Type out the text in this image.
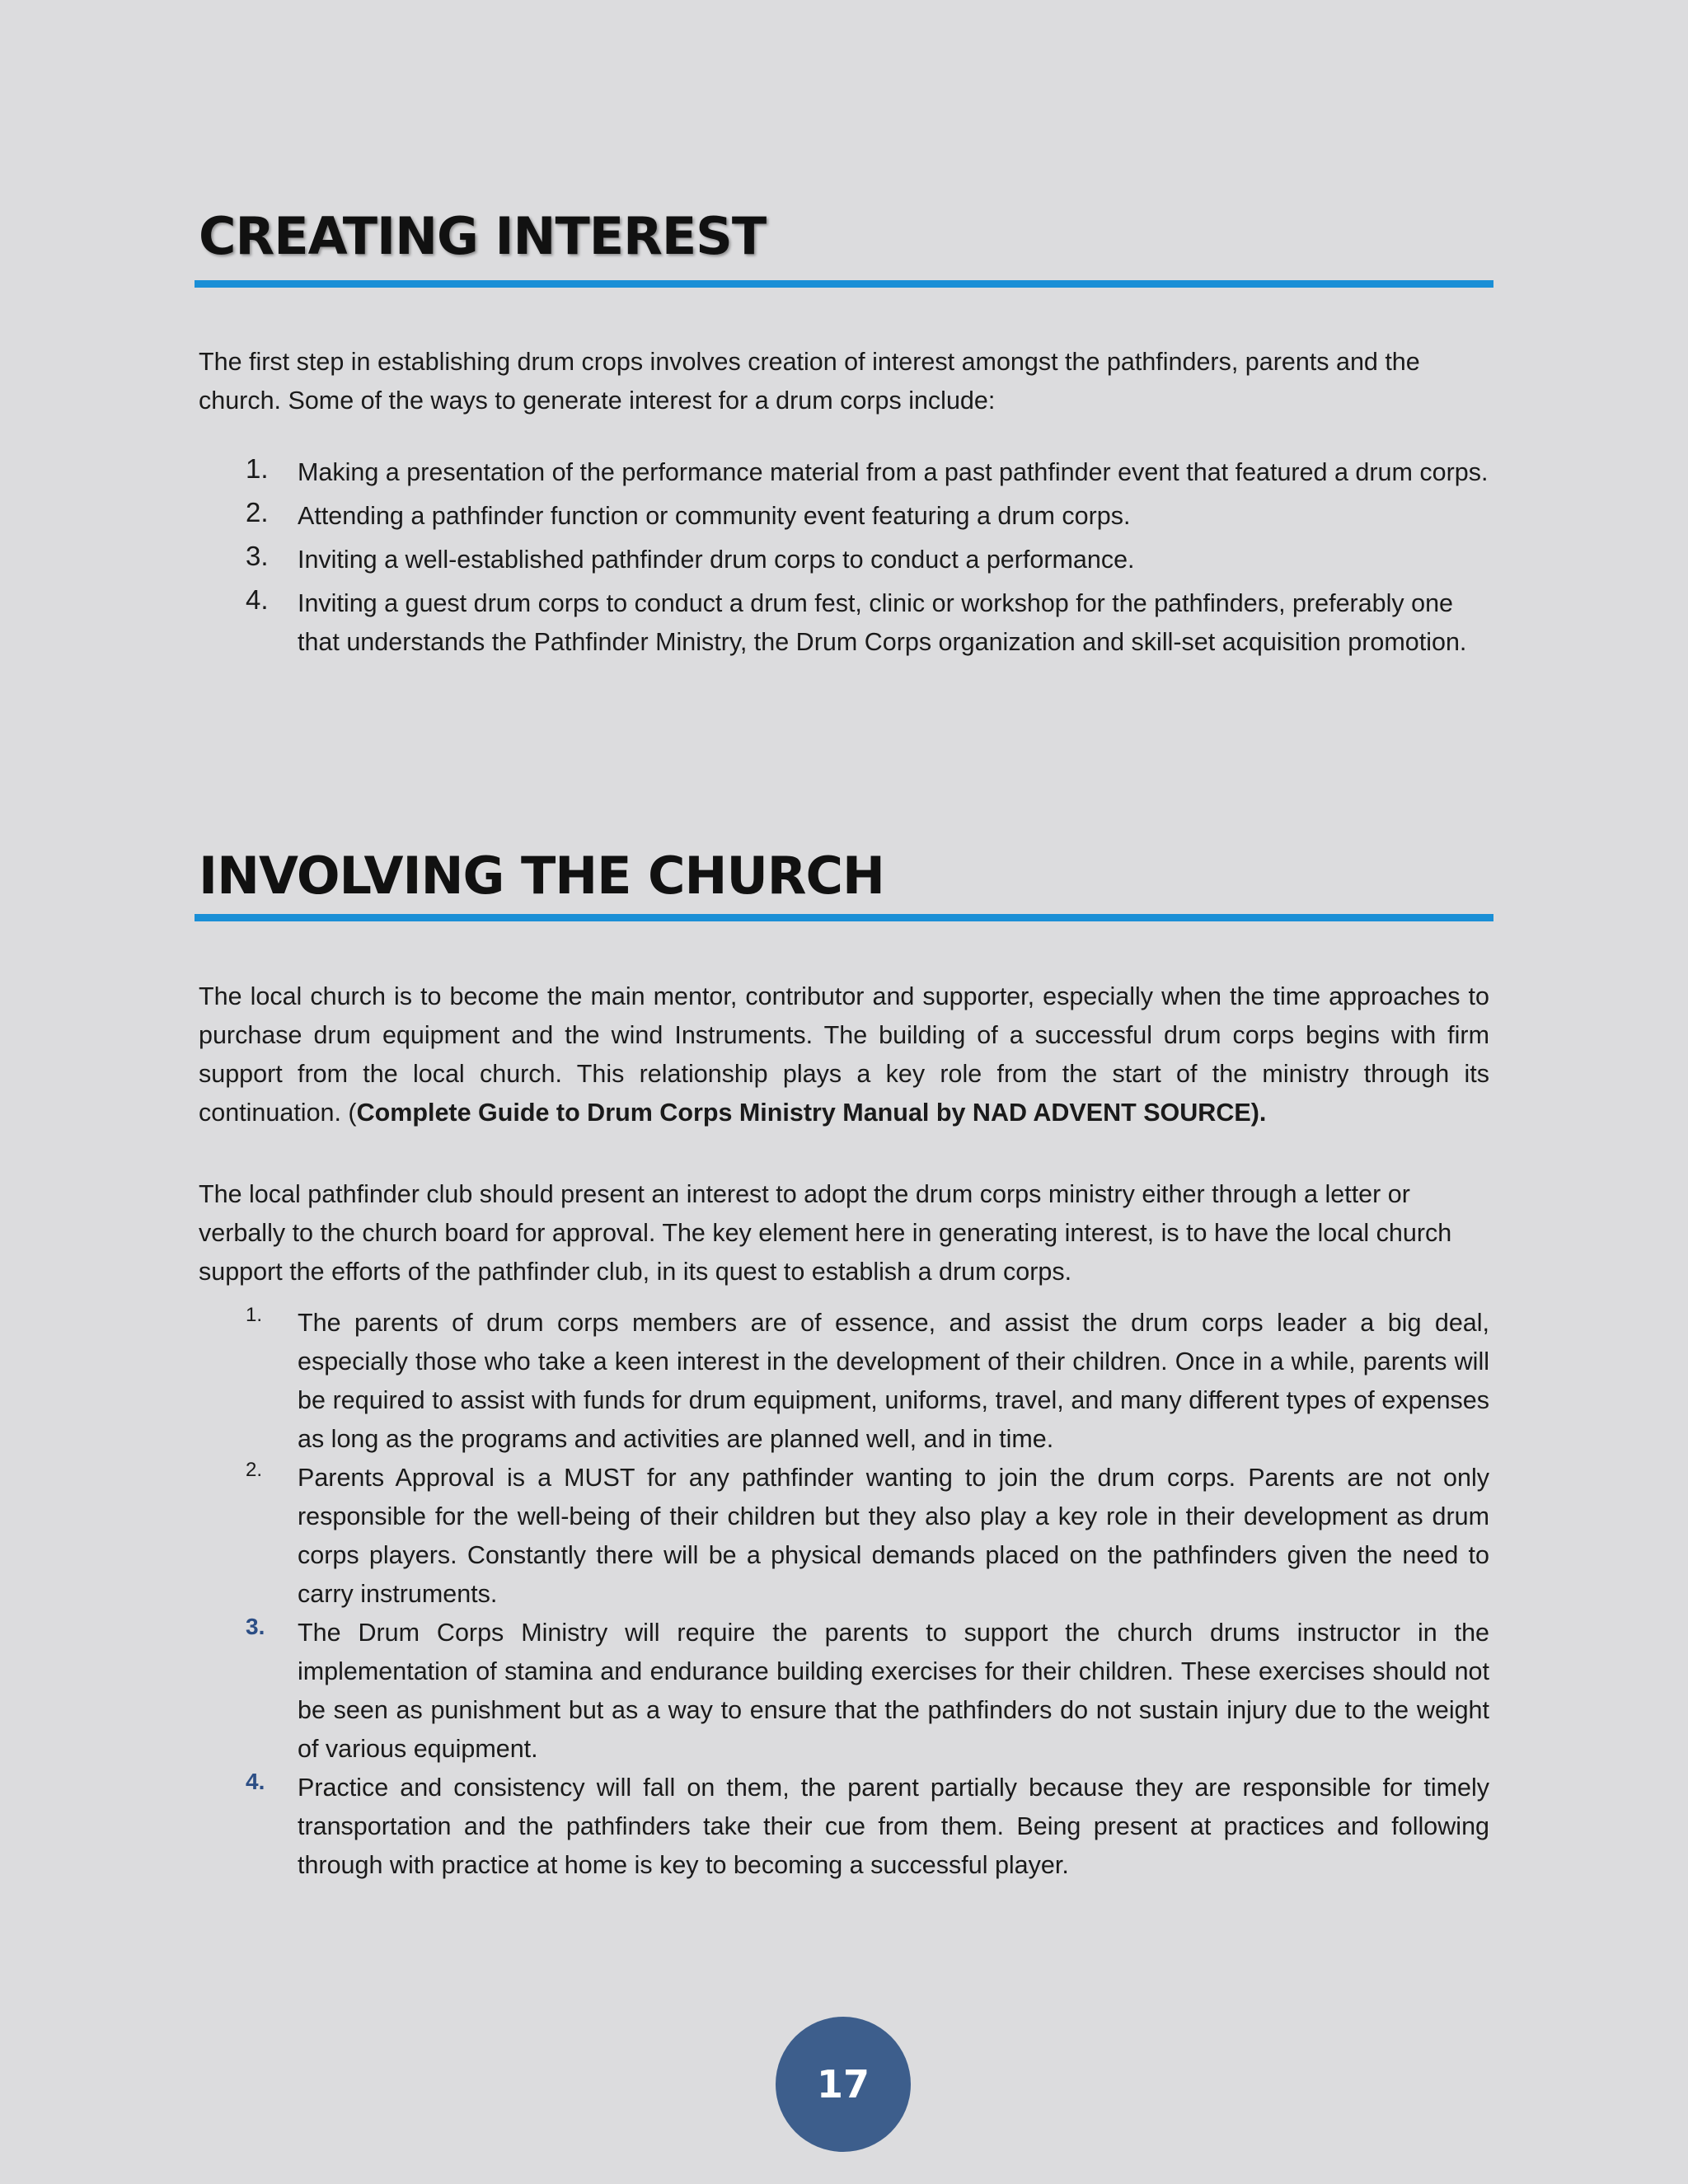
CREATING INTEREST

The first step in establishing drum crops involves creation of interest amongst the pathfinders, parents and the church. Some of the ways to generate interest for a drum corps include:

1. Making a presentation of the performance material from a past pathfinder event that featured a drum corps.
2. Attending a pathfinder function or community event featuring a drum corps.
3. Inviting a well-established pathfinder drum corps to conduct a performance.
4. Inviting a guest drum corps to conduct a drum fest, clinic or workshop for the pathfinders, preferably one that understands the Pathfinder Ministry, the Drum Corps organization and skill-set acquisition promotion.
INVOLVING THE CHURCH

The local church is to become the main mentor, contributor and supporter, especially when the time approaches to purchase drum equipment and the wind Instruments. The building of a successful drum corps begins with firm support from the local church. This relationship plays a key role from the start of the ministry through its continuation. (Complete Guide to Drum Corps Ministry Manual by NAD ADVENT SOURCE).

The local pathfinder club should present an interest to adopt the drum corps ministry either through a letter or verbally to the church board for approval. The key element here in generating interest, is to have the local church support the efforts of the pathfinder club, in its quest to establish a drum corps.

1. The parents of drum corps members are of essence, and assist the drum corps leader a big deal, especially those who take a keen interest in the development of their children. Once in a while, parents will be required to assist with funds for drum equipment, uniforms, travel, and many different types of expenses as long as the programs and activities are planned well, and in time.
2. Parents Approval is a MUST for any pathfinder wanting to join the drum corps. Parents are not only responsible for the well-being of their children but they also play a key role in their development as drum corps players. Constantly there will be a physical demands placed on the pathfinders given the need to carry instruments.
3. The Drum Corps Ministry will require the parents to support the church drums instructor in the implementation of stamina and endurance building exercises for their children. These exercises should not be seen as punishment but as a way to ensure that the pathfinders do not sustain injury due to the weight of various equipment.
4. Practice and consistency will fall on them, the parent partially because they are responsible for timely transportation and the pathfinders take their cue from them. Being present at practices and following through with practice at home is key to becoming a successful player.
17
